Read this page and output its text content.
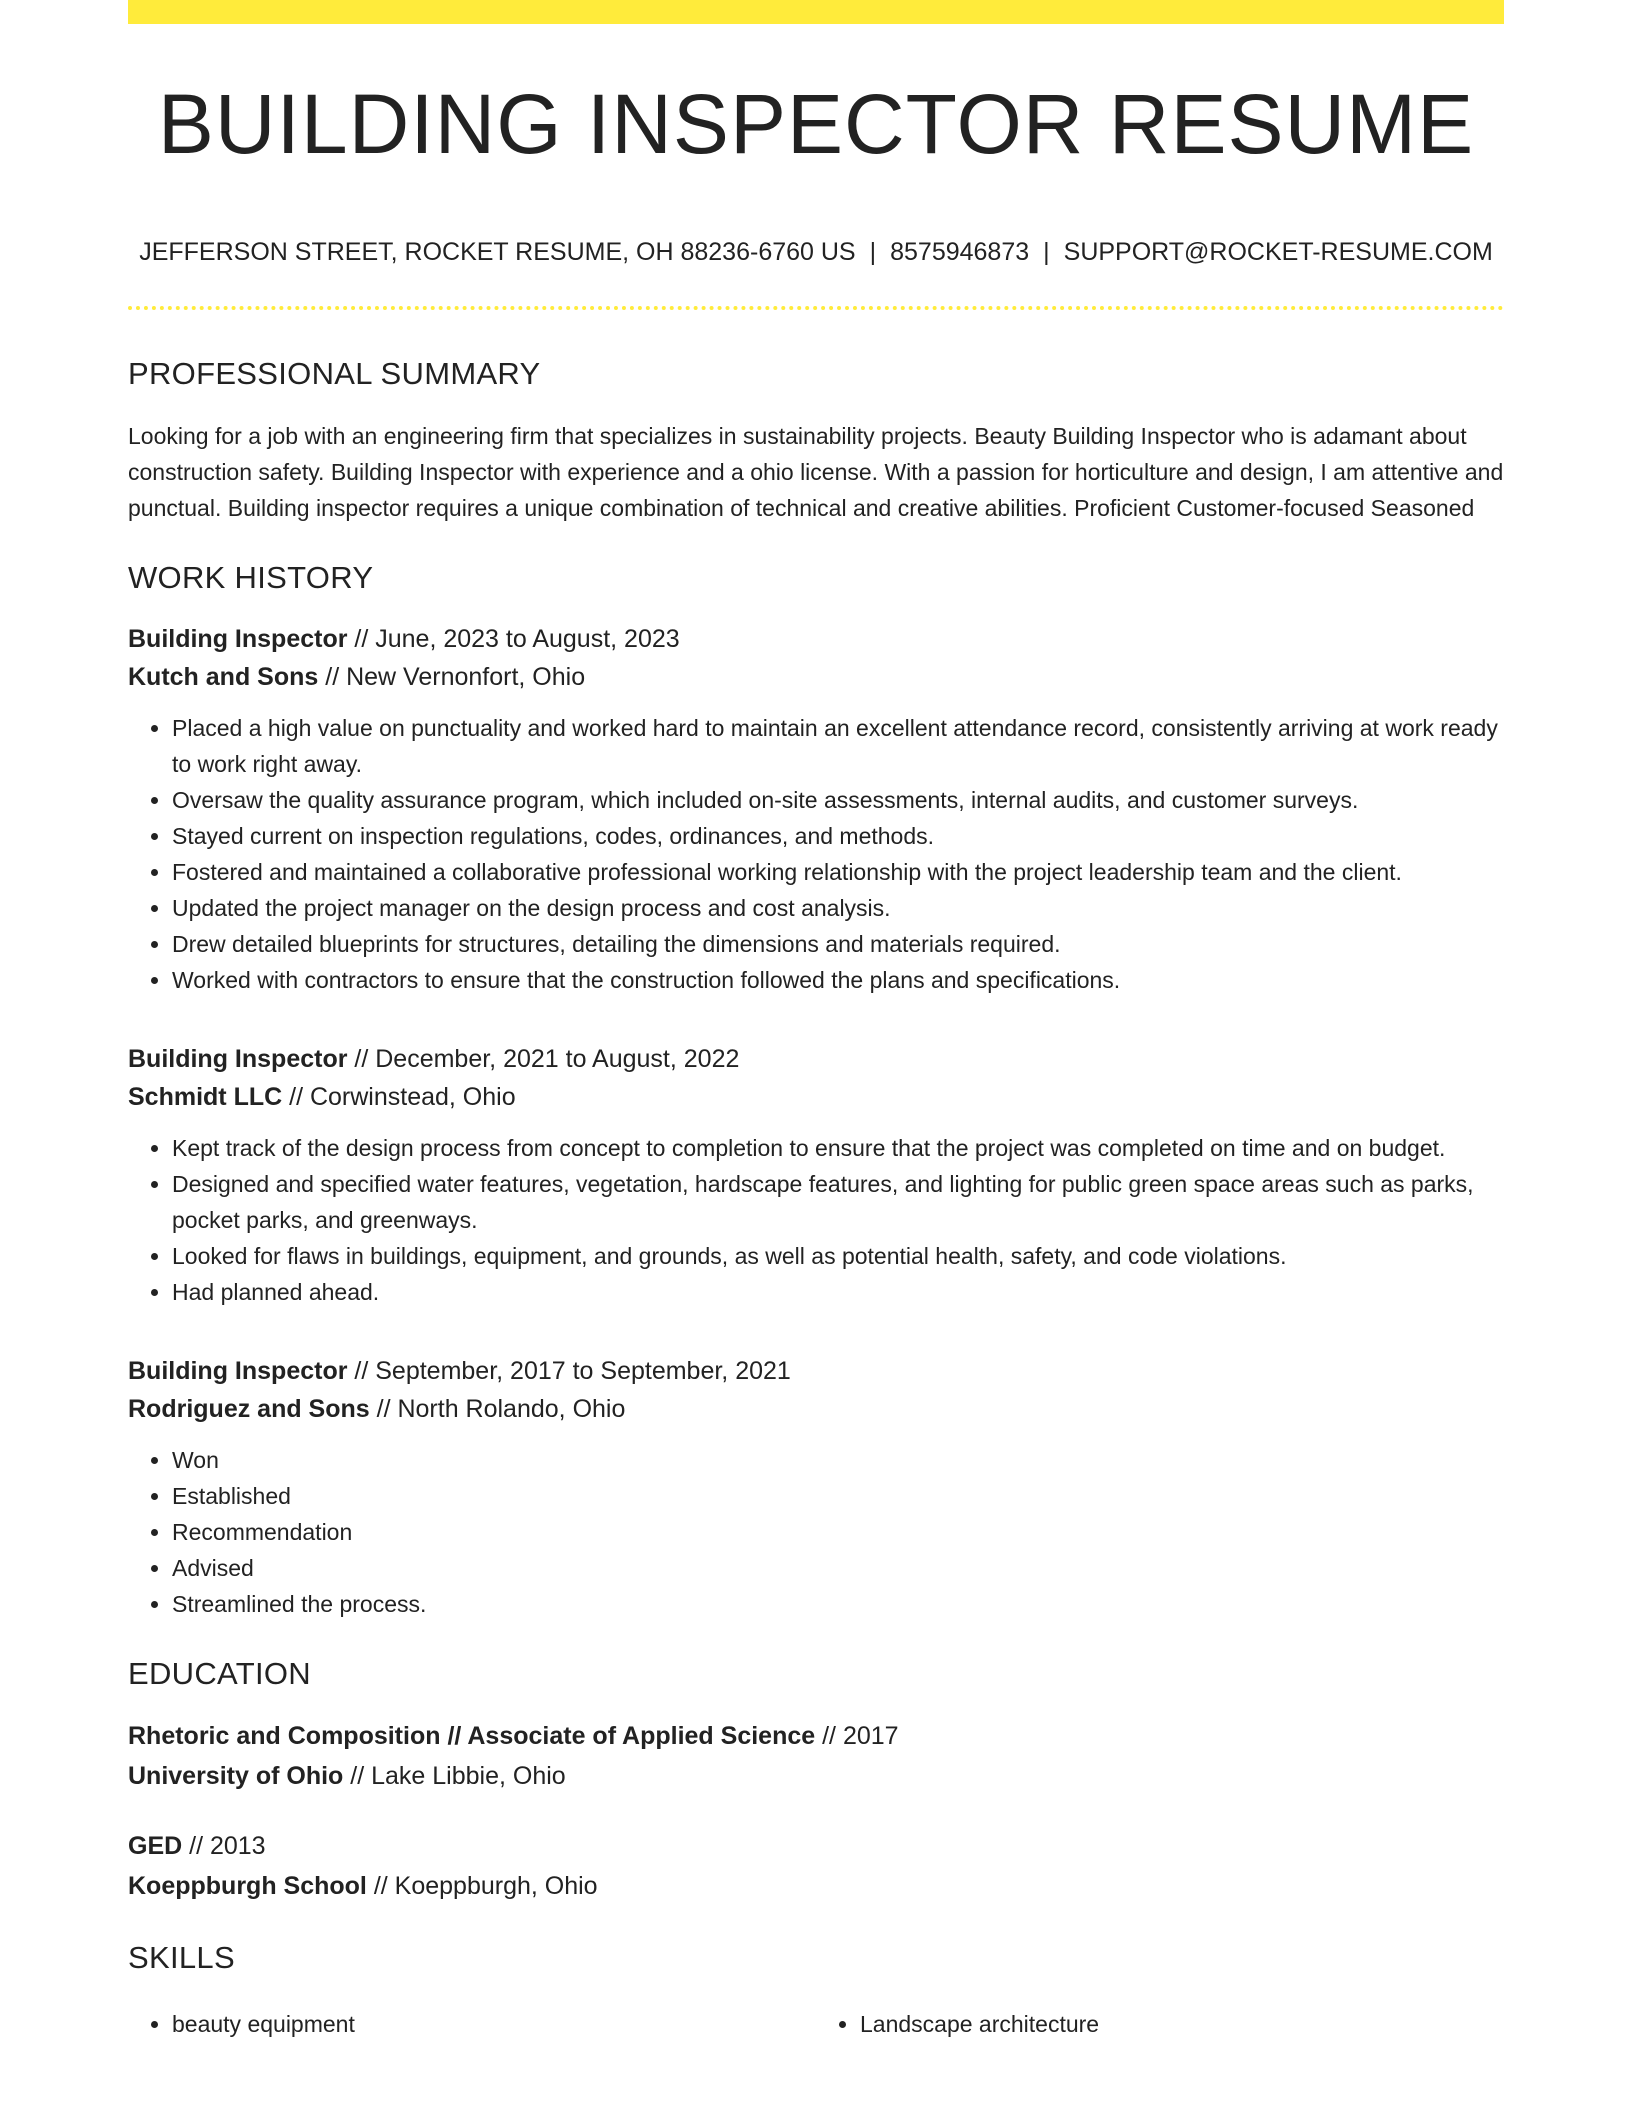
BUILDING INSPECTOR RESUME
JEFFERSON STREET, ROCKET RESUME, OH 88236-6760 US | 8575946873 | SUPPORT@ROCKET-RESUME.COM
PROFESSIONAL SUMMARY

Looking for a job with an engineering firm that specializes in sustainability projects. Beauty Building Inspector who is adamant about construction safety. Building Inspector with experience and a ohio license. With a passion for horticulture and design, I am attentive and punctual. Building inspector requires a unique combination of technical and creative abilities. Proficient Customer-focused Seasoned

WORK HISTORY
Building Inspector // June, 2023 to August, 2023
Kutch and Sons // New Vernonfort, Ohio
• Placed a high value on punctuality and worked hard to maintain an excellent attendance record, consistently arriving at work ready to work right away.
• Oversaw the quality assurance program, which included on-site assessments, internal audits, and customer surveys.
• Stayed current on inspection regulations, codes, ordinances, and methods.
• Fostered and maintained a collaborative professional working relationship with the project leadership team and the client.
• Updated the project manager on the design process and cost analysis.
• Drew detailed blueprints for structures, detailing the dimensions and materials required.
• Worked with contractors to ensure that the construction followed the plans and specifications.
Building Inspector // December, 2021 to August, 2022
Schmidt LLC // Corwinstead, Ohio
• Kept track of the design process from concept to completion to ensure that the project was completed on time and on budget.
• Designed and specified water features, vegetation, hardscape features, and lighting for public green space areas such as parks, pocket parks, and greenways.
• Looked for flaws in buildings, equipment, and grounds, as well as potential health, safety, and code violations.
• Had planned ahead.
Building Inspector // September, 2017 to September, 2021
Rodriguez and Sons // North Rolando, Ohio
• Won
• Established
• Recommendation
• Advised
• Streamlined the process.
EDUCATION
Rhetoric and Composition // Associate of Applied Science // 2017
University of Ohio // Lake Libbie, Ohio
GED // 2013
Koeppburgh School // Koeppburgh, Ohio
SKILLS
• beauty equipment
•	Landscape architecture
